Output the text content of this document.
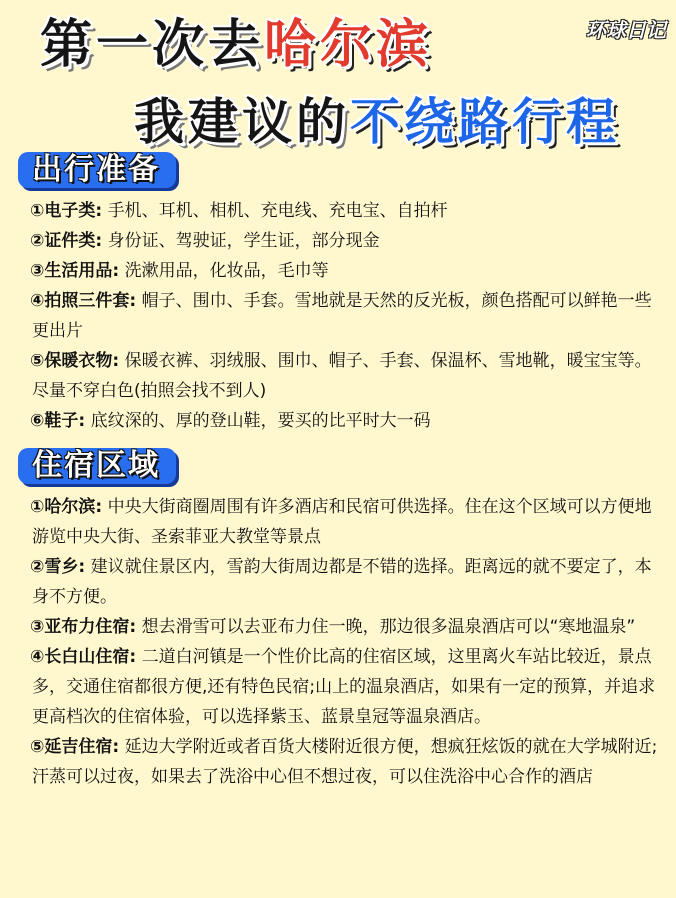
环球日记
第一次去哈尔滨
我建议的不绕路行程
出行准备
①电子类: 手机、耳机、相机、充电线、充电宝、自拍杆
②证件类: 身份证、驾驶证，学生证，部分现金
③生活用品: 洗漱用品，化妆品，毛巾等
④拍照三件套: 帽子、围巾、手套。雪地就是天然的反光板，颜色搭配可以鲜艳一些更出片
⑤保暖衣物: 保暖衣裤、羽绒服、围巾、帽子、手套、保温杯、雪地靴，暖宝宝等。尽量不穿白色(拍照会找不到人)
⑥鞋子: 底纹深的、厚的登山鞋，要买的比平时大一码
住宿区域
①哈尔滨: 中央大街商圈周围有许多酒店和民宿可供选择。住在这个区域可以方便地游览中央大街、圣索菲亚大教堂等景点
②雪乡: 建议就住景区内，雪韵大街周边都是不错的选择。距离远的就不要定了，本身不方便。
③亚布力住宿: 想去滑雪可以去亚布力住一晚，那边很多温泉酒店可以“寒地温泉”
④长白山住宿: 二道白河镇是一个性价比高的住宿区域，这里离火车站比较近，景点多，交通住宿都很方便,还有特色民宿;山上的温泉酒店，如果有一定的预算，并追求更高档次的住宿体验，可以选择紫玉、蓝景皇冠等温泉酒店。
⑤延吉住宿: 延边大学附近或者百货大楼附近很方便，想疯狂炫饭的就在大学城附近;汗蒸可以过夜，如果去了洗浴中心但不想过夜，可以住洗浴中心合作的酒店
